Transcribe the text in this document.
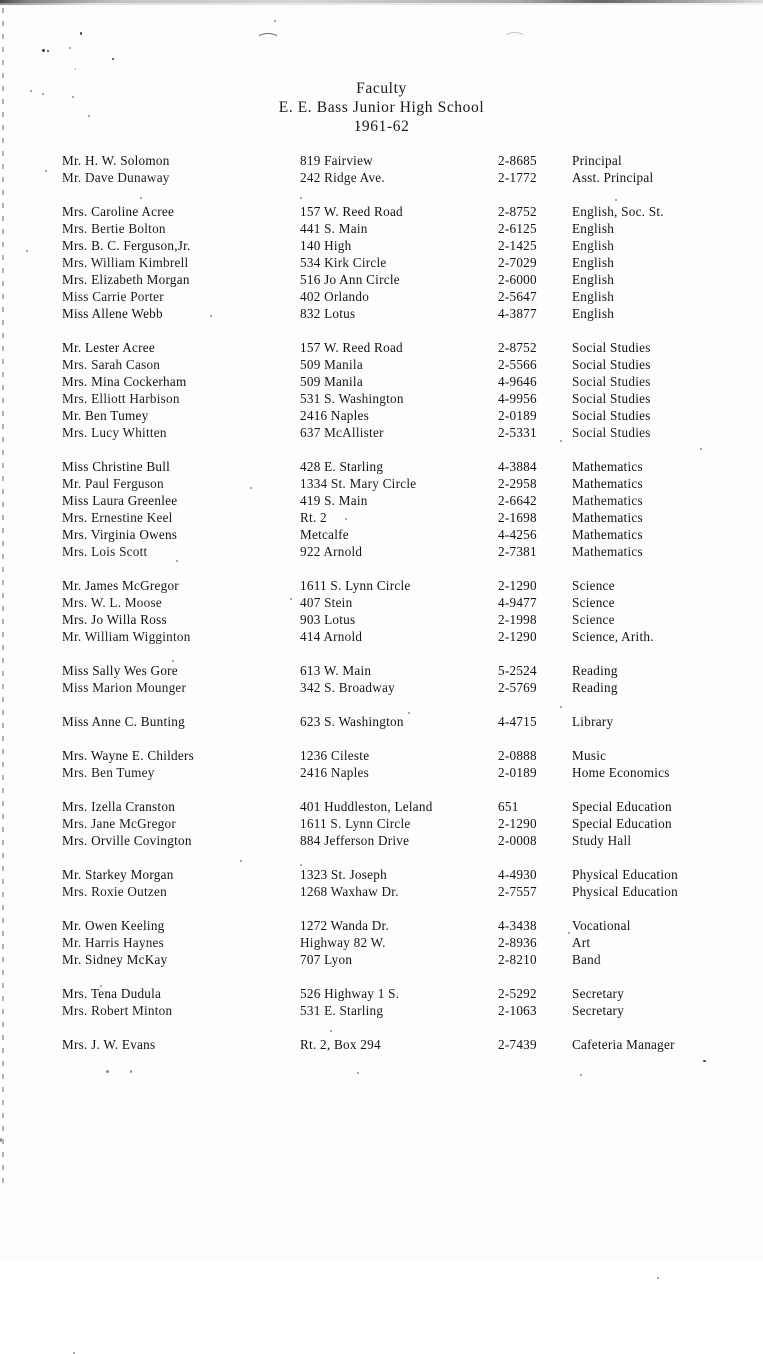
Faculty
E. E. Bass Junior High School
1961-62
Mr. H. W. Solomon	819 Fairview	2-8685	Principal
Mr. Dave Dunaway	242 Ridge Ave.	2-1772	Asst. Principal
Mrs. Caroline Acree	157 W. Reed Road	2-8752	English, Soc. St.
Mrs. Bertie Bolton	441 S. Main	2-6125	English
Mrs. B. C. Ferguson,Jr.	140 High	2-1425	English
Mrs. William Kimbrell	534 Kirk Circle	2-7029	English
Mrs. Elizabeth Morgan	516 Jo Ann Circle	2-6000	English
Miss Carrie Porter	402 Orlando	2-5647	English
Miss Allene Webb	832 Lotus	4-3877	English
Mr. Lester Acree	157 W. Reed Road	2-8752	Social Studies
Mrs. Sarah Cason	509 Manila	2-5566	Social Studies
Mrs. Mina Cockerham	509 Manila	4-9646	Social Studies
Mrs. Elliott Harbison	531 S. Washington	4-9956	Social Studies
Mr. Ben Tumey	2416 Naples	2-0189	Social Studies
Mrs. Lucy Whitten	637 McAllister	2-5331	Social Studies
Miss Christine Bull	428 E. Starling	4-3884	Mathematics
Mr. Paul Ferguson	1334 St. Mary Circle	2-2958	Mathematics
Miss Laura Greenlee	419 S. Main	2-6642	Mathematics
Mrs. Ernestine Keel	Rt. 2	2-1698	Mathematics
Mrs. Virginia Owens	Metcalfe	4-4256	Mathematics
Mrs. Lois Scott	922 Arnold	2-7381	Mathematics
Mr. James McGregor	1611 S. Lynn Circle	2-1290	Science
Mrs. W. L. Moose	407 Stein	4-9477	Science
Mrs. Jo Willa Ross	903 Lotus	2-1998	Science
Mr. William Wigginton	414 Arnold	2-1290	Science, Arith.
Miss Sally Wes Gore	613 W. Main	5-2524	Reading
Miss Marion Mounger	342 S. Broadway	2-5769	Reading
Miss Anne C. Bunting	623 S. Washington	4-4715	Library
Mrs. Wayne E. Childers	1236 Cileste	2-0888	Music
Mrs. Ben Tumey	2416 Naples	2-0189	Home Economics
Mrs. Izella Cranston	401 Huddleston, Leland	651	Special Education
Mrs. Jane McGregor	1611 S. Lynn Circle	2-1290	Special Education
Mrs. Orville Covington	884 Jefferson Drive	2-0008	Study Hall
Mr. Starkey Morgan	1323 St. Joseph	4-4930	Physical Education
Mrs. Roxie Outzen	1268 Waxhaw Dr.	2-7557	Physical Education
Mr. Owen Keeling	1272 Wanda Dr.	4-3438	Vocational
Mr. Harris Haynes	Highway 82 W.	2-8936	Art
Mr. Sidney McKay	707 Lyon	2-8210	Band
Mrs. Tena Dudula	526 Highway 1 S.	2-5292	Secretary
Mrs. Robert Minton	531 E. Starling	2-1063	Secretary
Mrs. J. W. Evans	Rt. 2, Box 294	2-7439	Cafeteria Manager
